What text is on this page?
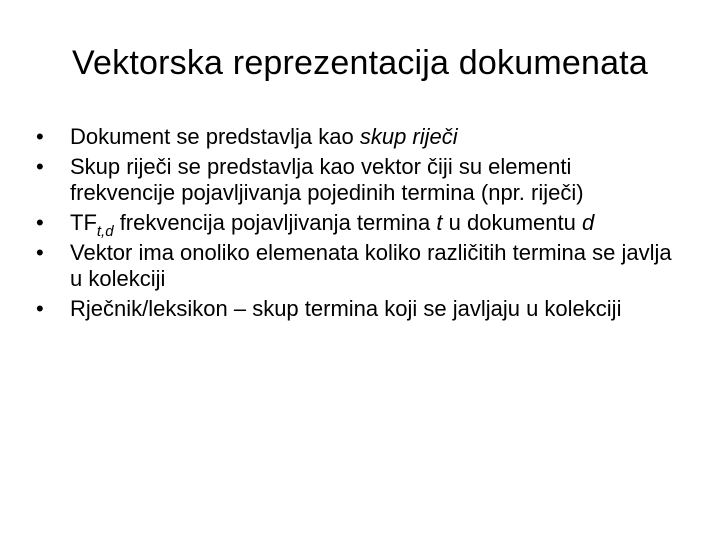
Vektorska reprezentacija dokumenata
•	Dokument se predstavlja kao skup riječi
•	Skup riječi se predstavlja kao vektor čiji su elementi frekvencije pojavljivanja pojedinih termina (npr. riječi)
•	$TF_{t,d}$ frekvencija pojavljivanja termina t u dokumentu d
•	Vektor ima onoliko elemenata koliko različitih termina se javlja u kolekciji
•	Rječnik/leksikon – skup termina koji se javljaju u kolekciji
